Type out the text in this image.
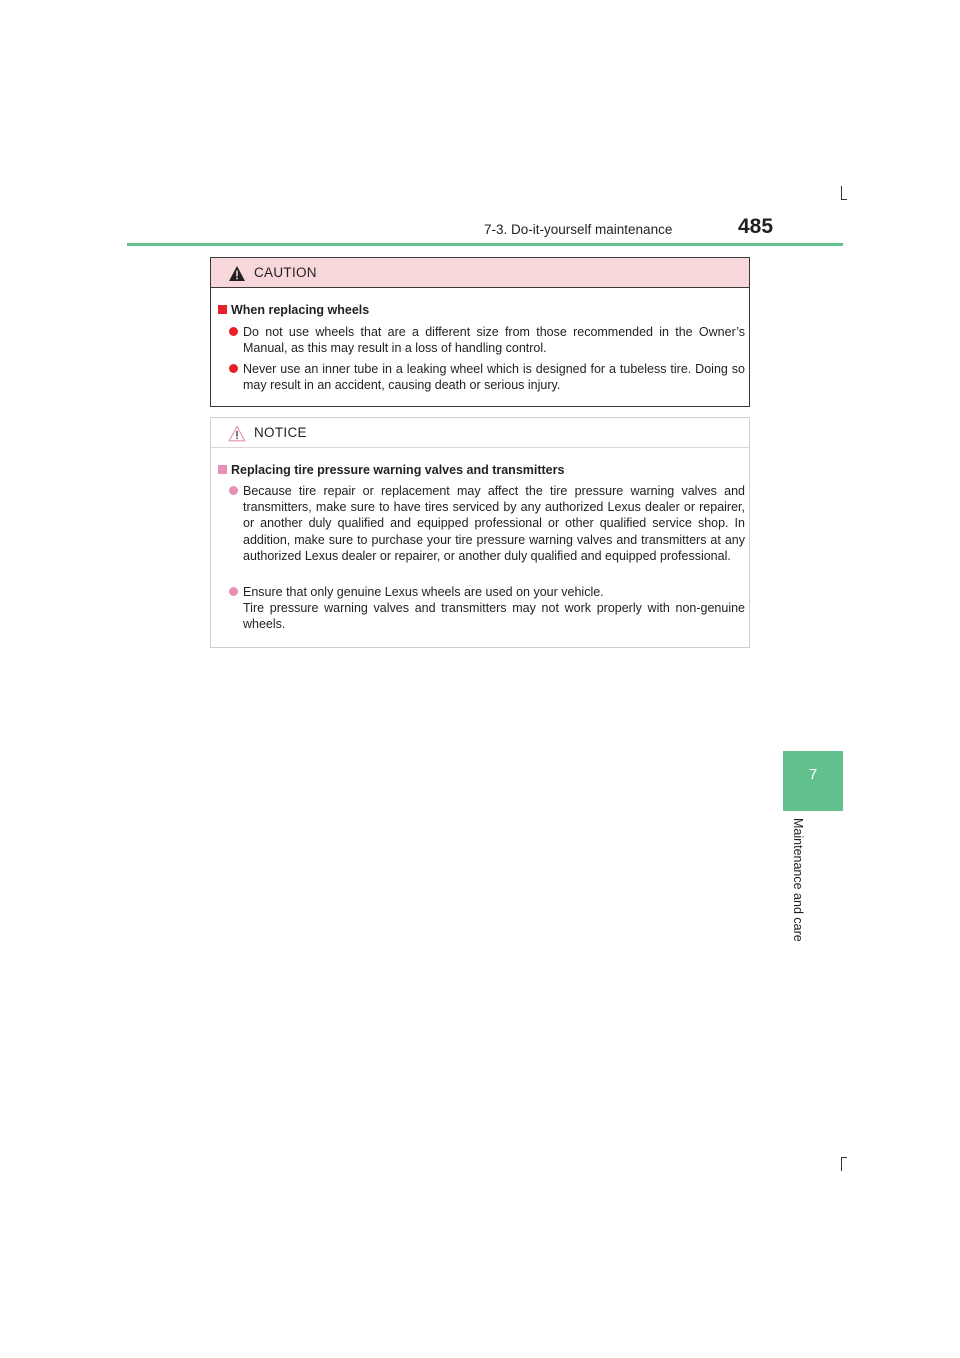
7-3. Do-it-yourself maintenance	485
7
Maintenance and care
CAUTION
When replacing wheels
Do not use wheels that are a different size from those recommended in the Owner’s Manual, as this may result in a loss of handling control.
Never use an inner tube in a leaking wheel which is designed for a tubeless tire. Doing so may result in an accident, causing death or serious injury.
NOTICE
Replacing tire pressure warning valves and transmitters
Because tire repair or replacement may affect the tire pressure warning valves and transmitters, make sure to have tires serviced by any authorized Lexus dealer or repairer, or another duly qualified and equipped professional or other qualified service shop. In addition, make sure to purchase your tire pressure warning valves and transmitters at any authorized Lexus dealer or repairer, or another duly qualified and equipped professional.
Ensure that only genuine Lexus wheels are used on your vehicle.
Tire pressure warning valves and transmitters may not work properly with non-genuine wheels.
